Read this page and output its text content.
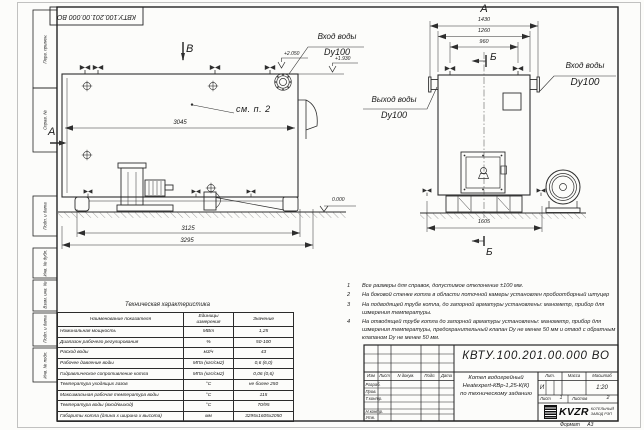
КВТУ.100.201.00.000 ВО
Перв. примен.
Справ. №
Подп. и дата
Инв. № дубл.
Взам. инв. №
Подп. и дата
Инв. № подл.
В
Вход воды
Dy100
+2.050
+1.930
см. п. 2
3045
Выход воды
Dy100
А
0.000
3125
3295
А
1430
1260
960
Б
Вход воды
Dy100
1605
Б
Техническая характеристика
Наименование показателя	Единицы измерения	Значение
Номинальная мощность	МВт	1,25
Диапазон рабочего регулирования	%	50-100
Расход воды	м3/ч	43
Рабочее давление воды	МПа (кгс/см2)	0,6 (6,0)
Гидравлическое сопротивление котла	МПа (кгс/см2)	0,06 (0,6)
Температура уходящих газов	°С	не более 250
Максимальная рабочая температура воды	°С	115
Температура воды (вход/выход)	°С	70/95
Габариты котла (длина х ширина х высота)	мм	3295х1605х2050
1	Все размеры для справок, допустимое отклонение ±100 мм.
2	На боковой стенке котла в области поточной камеры установлен пробоотборный штуцер
3	На подводящей трубе котла, до запорной арматуры установлены: манометр, прибор для измерения температуры.
4	На отводящей трубе котла до запорной арматуры установлены: манометр, прибор для измерения температуры, предохранительный клапан Dу не менее 50 мм и отвод с обратным клапаном Dу не менее 50 мм.
КВТУ.100.201.00.000 ВО
Котел водогрейный
Heatexpert-КВр-1,25-К(К)
по техническому заданию
Изм	Лист	N докум.	Подп.	Дата
Разраб.
Пров.
Т.контр.
Н.контр.
Утв.
Лит.	Масса	Масштаб
И	1:20
Лист	1	Листов	2
KVZR КОТЕЛЬНЫЙ
ЗАВОД РЭП
Формат А3
